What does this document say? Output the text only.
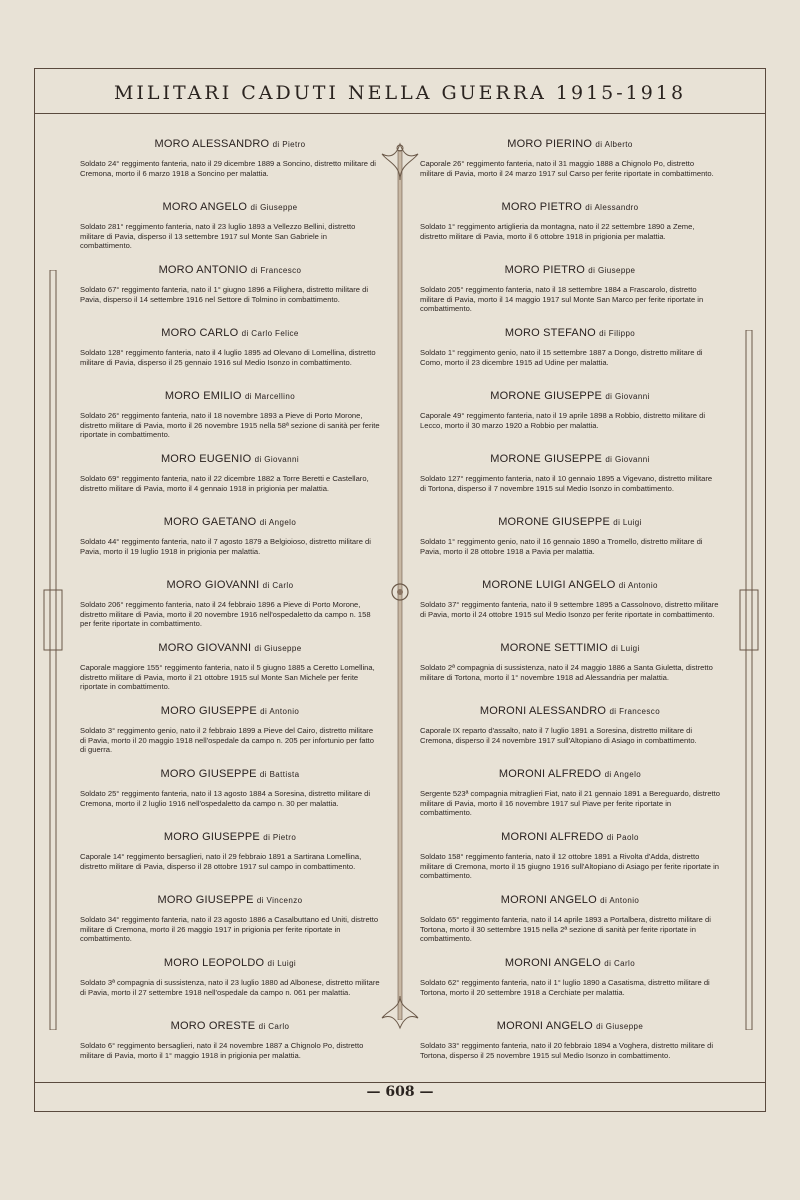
MILITARI CADUTI NELLA GUERRA 1915-1918
MORO ALESSANDRO di Pietro
Soldato 24° reggimento fanteria, nato il 29 dicembre 1889 a Soncino, distretto militare di Cremona, morto il 6 marzo 1918 a Soncino per malattia.
MORO ANGELO di Giuseppe
Soldato 281° reggimento fanteria, nato il 23 luglio 1893 a Vellezzo Bellini, distretto militare di Pavia, disperso il 13 settembre 1917 sul Monte San Gabriele in combattimento.
MORO ANTONIO di Francesco
Soldato 67° reggimento fanteria, nato il 1° giugno 1896 a Filighera, distretto militare di Pavia, disperso il 14 settembre 1916 nel Settore di Tolmino in combattimento.
MORO CARLO di Carlo Felice
Soldato 128° reggimento fanteria, nato il 4 luglio 1895 ad Olevano di Lomellina, distretto militare di Pavia, disperso il 25 gennaio 1916 sul Medio Isonzo in combattimento.
MORO EMILIO di Marcellino
Soldato 26° reggimento fanteria, nato il 18 novembre 1893 a Pieve di Porto Morone, distretto militare di Pavia, morto il 26 novembre 1915 nella 58ª sezione di sanità per ferite riportate in combattimento.
MORO EUGENIO di Giovanni
Soldato 69° reggimento fanteria, nato il 22 dicembre 1882 a Torre Beretti e Castellaro, distretto militare di Pavia, morto il 4 gennaio 1918 in prigionia per malattia.
MORO GAETANO di Angelo
Soldato 44° reggimento fanteria, nato il 7 agosto 1879 a Belgioioso, distretto militare di Pavia, morto il 19 luglio 1918 in prigionia per malattia.
MORO GIOVANNI di Carlo
Soldato 206° reggimento fanteria, nato il 24 febbraio 1896 a Pieve di Porto Morone, distretto militare di Pavia, morto il 20 novembre 1916 nell'ospedaletto da campo n. 158 per ferite riportate in combattimento.
MORO GIOVANNI di Giuseppe
Caporale maggiore 155° reggimento fanteria, nato il 5 giugno 1885 a Ceretto Lomellina, distretto militare di Pavia, morto il 21 ottobre 1915 sul Monte San Michele per ferite riportate in combattimento.
MORO GIUSEPPE di Antonio
Soldato 3° reggimento genio, nato il 2 febbraio 1899 a Pieve del Cairo, distretto militare di Pavia, morto il 20 maggio 1918 nell'ospedale da campo n. 205 per infortunio per fatto di guerra.
MORO GIUSEPPE di Battista
Soldato 25° reggimento fanteria, nato il 13 agosto 1884 a Soresina, distretto militare di Cremona, morto il 2 luglio 1916 nell'ospedaletto da campo n. 30 per malattia.
MORO GIUSEPPE di Pietro
Caporale 14° reggimento bersaglieri, nato il 29 febbraio 1891 a Sartirana Lomellina, distretto militare di Pavia, disperso il 28 ottobre 1917 sul campo in combattimento.
MORO GIUSEPPE di Vincenzo
Soldato 34° reggimento fanteria, nato il 23 agosto 1886 a Casalbuttano ed Uniti, distretto militare di Cremona, morto il 26 maggio 1917 in prigionia per ferite riportate in combattimento.
MORO LEOPOLDO di Luigi
Soldato 3ª compagnia di sussistenza, nato il 23 luglio 1880 ad Albonese, distretto militare di Pavia, morto il 27 settembre 1918 nell'ospedale da campo n. 061 per malattia.
MORO ORESTE di Carlo
Soldato 6° reggimento bersaglieri, nato il 24 novembre 1887 a Chignolo Po, distretto militare di Pavia, morto il 1° maggio 1918 in prigionia per malattia.
MORO PIERINO di Alberto
Caporale 26° reggimento fanteria, nato il 31 maggio 1888 a Chignolo Po, distretto militare di Pavia, morto il 24 marzo 1917 sul Carso per ferite riportate in combattimento.
MORO PIETRO di Alessandro
Soldato 1° reggimento artiglieria da montagna, nato il 22 settembre 1890 a Zeme, distretto militare di Pavia, morto il 6 ottobre 1918 in prigionia per malattia.
MORO PIETRO di Giuseppe
Soldato 205° reggimento fanteria, nato il 18 settembre 1884 a Frascarolo, distretto militare di Pavia, morto il 14 maggio 1917 sul Monte San Marco per ferite riportate in combattimento.
MORO STEFANO di Filippo
Soldato 1° reggimento genio, nato il 15 settembre 1887 a Dongo, distretto militare di Como, morto il 23 dicembre 1915 ad Udine per malattia.
MORONE GIUSEPPE di Giovanni
Caporale 49° reggimento fanteria, nato il 19 aprile 1898 a Robbio, distretto militare di Lecco, morto il 30 marzo 1920 a Robbio per malattia.
MORONE GIUSEPPE di Giovanni
Soldato 127° reggimento fanteria, nato il 10 gennaio 1895 a Vigevano, distretto militare di Tortona, disperso il 7 novembre 1915 sul Medio Isonzo in combattimento.
MORONE GIUSEPPE di Luigi
Soldato 1° reggimento genio, nato il 16 gennaio 1890 a Tromello, distretto militare di Pavia, morto il 28 ottobre 1918 a Pavia per malattia.
MORONE LUIGI ANGELO di Antonio
Soldato 37° reggimento fanteria, nato il 9 settembre 1895 a Cassolnovo, distretto militare di Pavia, morto il 24 ottobre 1915 sul Medio Isonzo per ferite riportate in combattimento.
MORONE SETTIMIO di Luigi
Soldato 2ª compagnia di sussistenza, nato il 24 maggio 1886 a Santa Giuletta, distretto militare di Tortona, morto il 1° novembre 1918 ad Alessandria per malattia.
MORONI ALESSANDRO di Francesco
Caporale IX reparto d'assalto, nato il 7 luglio 1891 a Soresina, distretto militare di Cremona, disperso il 24 novembre 1917 sull'Altopiano di Asiago in combattimento.
MORONI ALFREDO di Angelo
Sergente 523ª compagnia mitraglieri Fiat, nato il 21 gennaio 1891 a Bereguardo, distretto militare di Pavia, morto il 16 novembre 1917 sul Piave per ferite riportate in combattimento.
MORONI ALFREDO di Paolo
Soldato 158° reggimento fanteria, nato il 12 ottobre 1891 a Rivolta d'Adda, distretto militare di Cremona, morto il 15 giugno 1916 sull'Altopiano di Asiago per ferite riportate in combattimento.
MORONI ANGELO di Antonio
Soldato 65° reggimento fanteria, nato il 14 aprile 1893 a Portalbera, distretto militare di Tortona, morto il 30 settembre 1915 nella 2ª sezione di sanità per ferite riportate in combattimento.
MORONI ANGELO di Carlo
Soldato 62° reggimento fanteria, nato il 1° luglio 1890 a Casatisma, distretto militare di Tortona, morto il 20 settembre 1918 a Cerchiate per malattia.
MORONI ANGELO di Giuseppe
Soldato 33° reggimento fanteria, nato il 20 febbraio 1894 a Voghera, distretto militare di Tortona, disperso il 25 novembre 1915 sul Medio Isonzo in combattimento.
— 608 —
